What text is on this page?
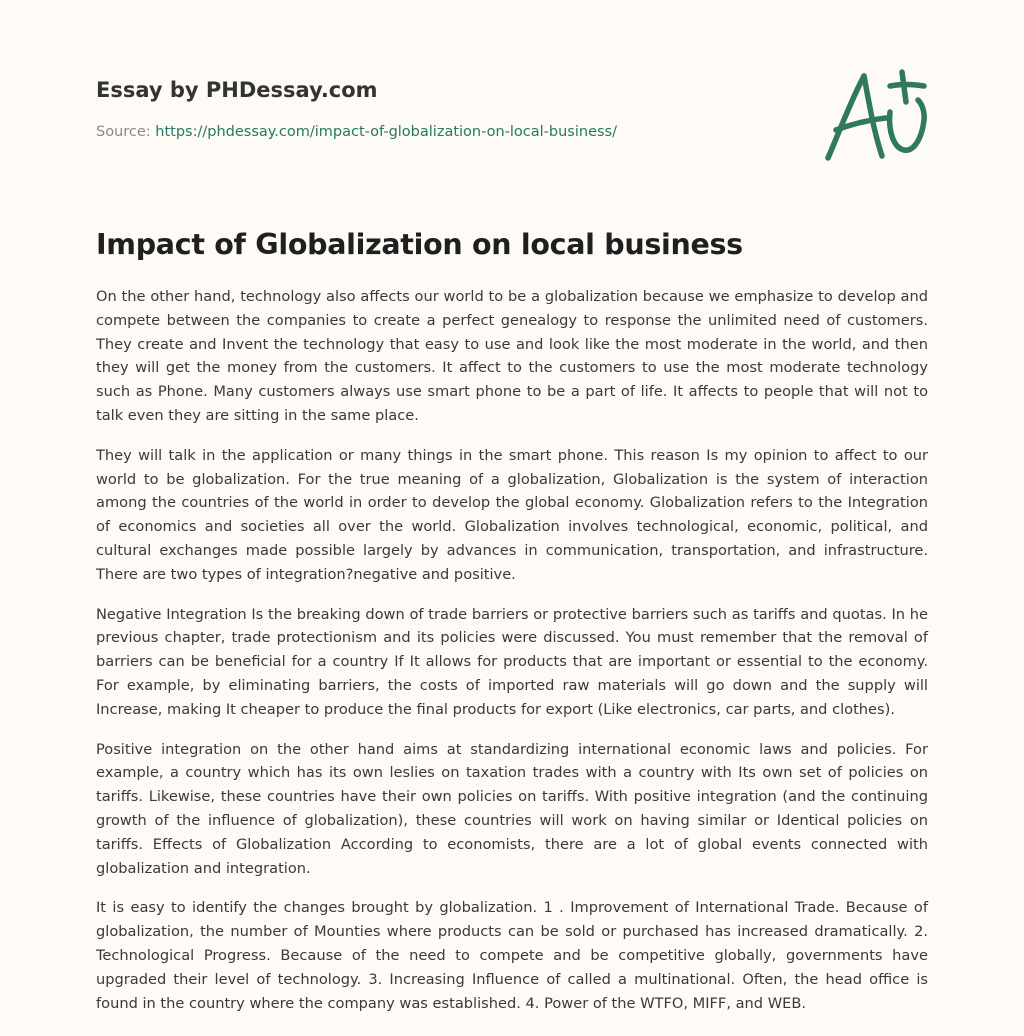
Essay by PHDessay.com
Source: https://phdessay.com/impact-of-globalization-on-local-business/
Impact of Globalization on local business

On the other hand, technology also affects our world to be a globalization because we emphasize to develop and compete between the companies to create a perfect genealogy to response the unlimited need of customers. They create and Invent the technology that easy to use and look like the most moderate in the world, and then they will get the money from the customers. It affect to the customers to use the most moderate technology such as Phone. Many customers always use smart phone to be a part of life. It affects to people that will not to talk even they are sitting in the same place.

They will talk in the application or many things in the smart phone. This reason Is my opinion to affect to our world to be globalization. For the true meaning of a globalization, Globalization is the system of interaction among the countries of the world in order to develop the global economy. Globalization refers to the Integration of economics and societies all over the world. Globalization involves technological, economic, political, and cultural exchanges made possible largely by advances in communication, transportation, and infrastructure. There are two types of integration?negative and positive.

Negative Integration Is the breaking down of trade barriers or protective barriers such as tariffs and quotas. In he previous chapter, trade protectionism and its policies were discussed. You must remember that the removal of barriers can be beneficial for a country If It allows for products that are important or essential to the economy. For example, by eliminating barriers, the costs of imported raw materials will go down and the supply will Increase, making It cheaper to produce the final products for export (Like electronics, car parts, and clothes).

Positive integration on the other hand aims at standardizing international economic laws and policies. For example, a country which has its own leslies on taxation trades with a country with Its own set of policies on tariffs. Likewise, these countries have their own policies on tariffs. With positive integration (and the continuing growth of the influence of globalization), these countries will work on having similar or Identical policies on tariffs. Effects of Globalization According to economists, there are a lot of global events connected with globalization and integration.

It is easy to identify the changes brought by globalization. 1 . Improvement of International Trade. Because of globalization, the number of Mounties where products can be sold or purchased has increased dramatically. 2. Technological Progress. Because of the need to compete and be competitive globally, governments have upgraded their level of technology. 3. Increasing Influence of called a multinational. Often, the head office is found in the country where the company was established. 4. Power of the WTFO, MIFF, and WEB.
